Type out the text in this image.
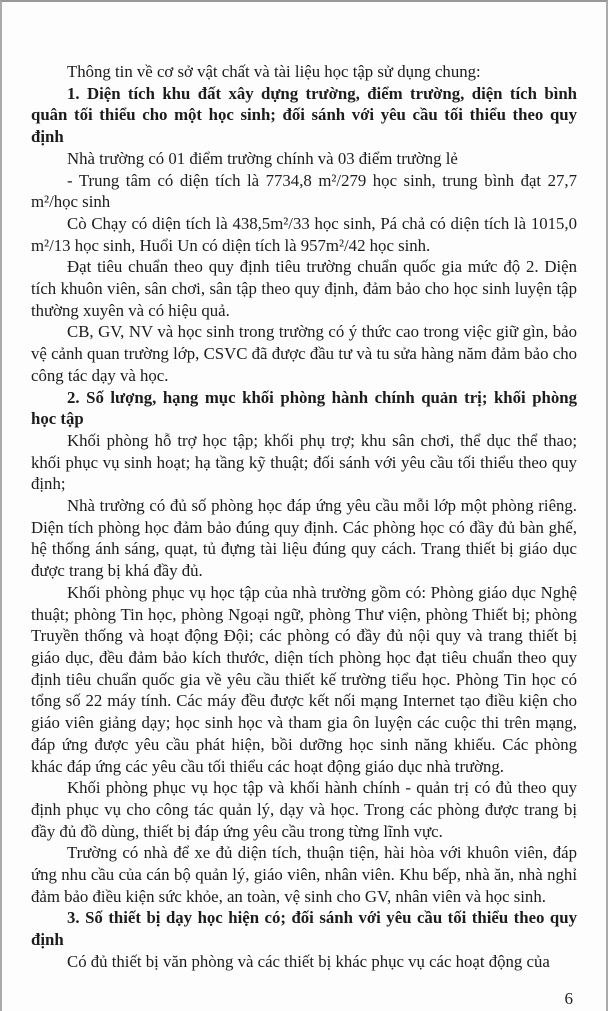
Thông tin về cơ sở vật chất và tài liệu học tập sử dụng chung:

1. Diện tích khu đất xây dựng trường, điểm trường, diện tích bình quân tối thiểu cho một học sinh; đối sánh với yêu cầu tối thiểu theo quy định

Nhà trường có 01 điểm trường chính và 03 điểm trường lẻ

- Trung tâm có diện tích là 7734,8 m²/279 học sinh, trung bình đạt 27,7 m²/học sinh

Cò Chạy có diện tích là 438,5m²/33 học sinh, Pá chả có diện tích là 1015,0 m²/13 học sinh, Huổi Un có diện tích là 957m²/42 học sinh.

Đạt tiêu chuẩn theo quy định tiêu trường chuẩn quốc gia mức độ 2. Diện tích khuôn viên, sân chơi, sân tập theo quy định, đảm bảo cho học sinh luyện tập thường xuyên và có hiệu quả.

CB, GV, NV và học sinh trong trường có ý thức cao trong việc giữ gìn, bảo vệ cảnh quan trường lớp, CSVC đã được đầu tư và tu sửa hàng năm đảm bảo cho công tác dạy và học.

2. Số lượng, hạng mục khối phòng hành chính quản trị; khối phòng học tập

Khối phòng hỗ trợ học tập; khối phụ trợ; khu sân chơi, thể dục thể thao; khối phục vụ sinh hoạt; hạ tầng kỹ thuật; đối sánh với yêu cầu tối thiểu theo quy định;

Nhà trường có đủ số phòng học đáp ứng yêu cầu mỗi lớp một phòng riêng. Diện tích phòng học đảm bảo đúng quy định. Các phòng học có đầy đủ bàn ghế, hệ thống ánh sáng, quạt, tủ đựng tài liệu đúng quy cách. Trang thiết bị giáo dục được trang bị khá đầy đủ.

Khối phòng phục vụ học tập của nhà trường gồm có: Phòng giáo dục Nghệ thuật; phòng Tin học, phòng Ngoại ngữ, phòng Thư viện, phòng Thiết bị; phòng Truyền thống và hoạt động Đội; các phòng có đầy đủ nội quy và trang thiết bị giáo dục, đều đảm bảo kích thước, diện tích phòng học đạt tiêu chuẩn theo quy định tiêu chuẩn quốc gia về yêu cầu thiết kế trường tiểu học. Phòng Tin học có tổng số 22 máy tính. Các máy đều được kết nối mạng Internet tạo điều kiện cho giáo viên giảng dạy; học sinh học và tham gia ôn luyện các cuộc thi trên mạng, đáp ứng được yêu cầu phát hiện, bồi dưỡng học sinh năng khiếu. Các phòng khác đáp ứng các yêu cầu tối thiểu các hoạt động giáo dục nhà trường.

Khối phòng phục vụ học tập và khối hành chính - quản trị có đủ theo quy định phục vụ cho công tác quản lý, dạy và học. Trong các phòng được trang bị đầy đủ đồ dùng, thiết bị đáp ứng yêu cầu trong từng lĩnh vực.

Trường có nhà để xe đủ diện tích, thuận tiện, hài hòa với khuôn viên, đáp ứng nhu cầu của cán bộ quản lý, giáo viên, nhân viên. Khu bếp, nhà ăn, nhà nghỉ đảm bảo điều kiện sức khỏe, an toàn, vệ sinh cho GV, nhân viên và học sinh.

3. Số thiết bị dạy học hiện có; đối sánh với yêu cầu tối thiểu theo quy định

Có đủ thiết bị văn phòng và các thiết bị khác phục vụ các hoạt động của

6
